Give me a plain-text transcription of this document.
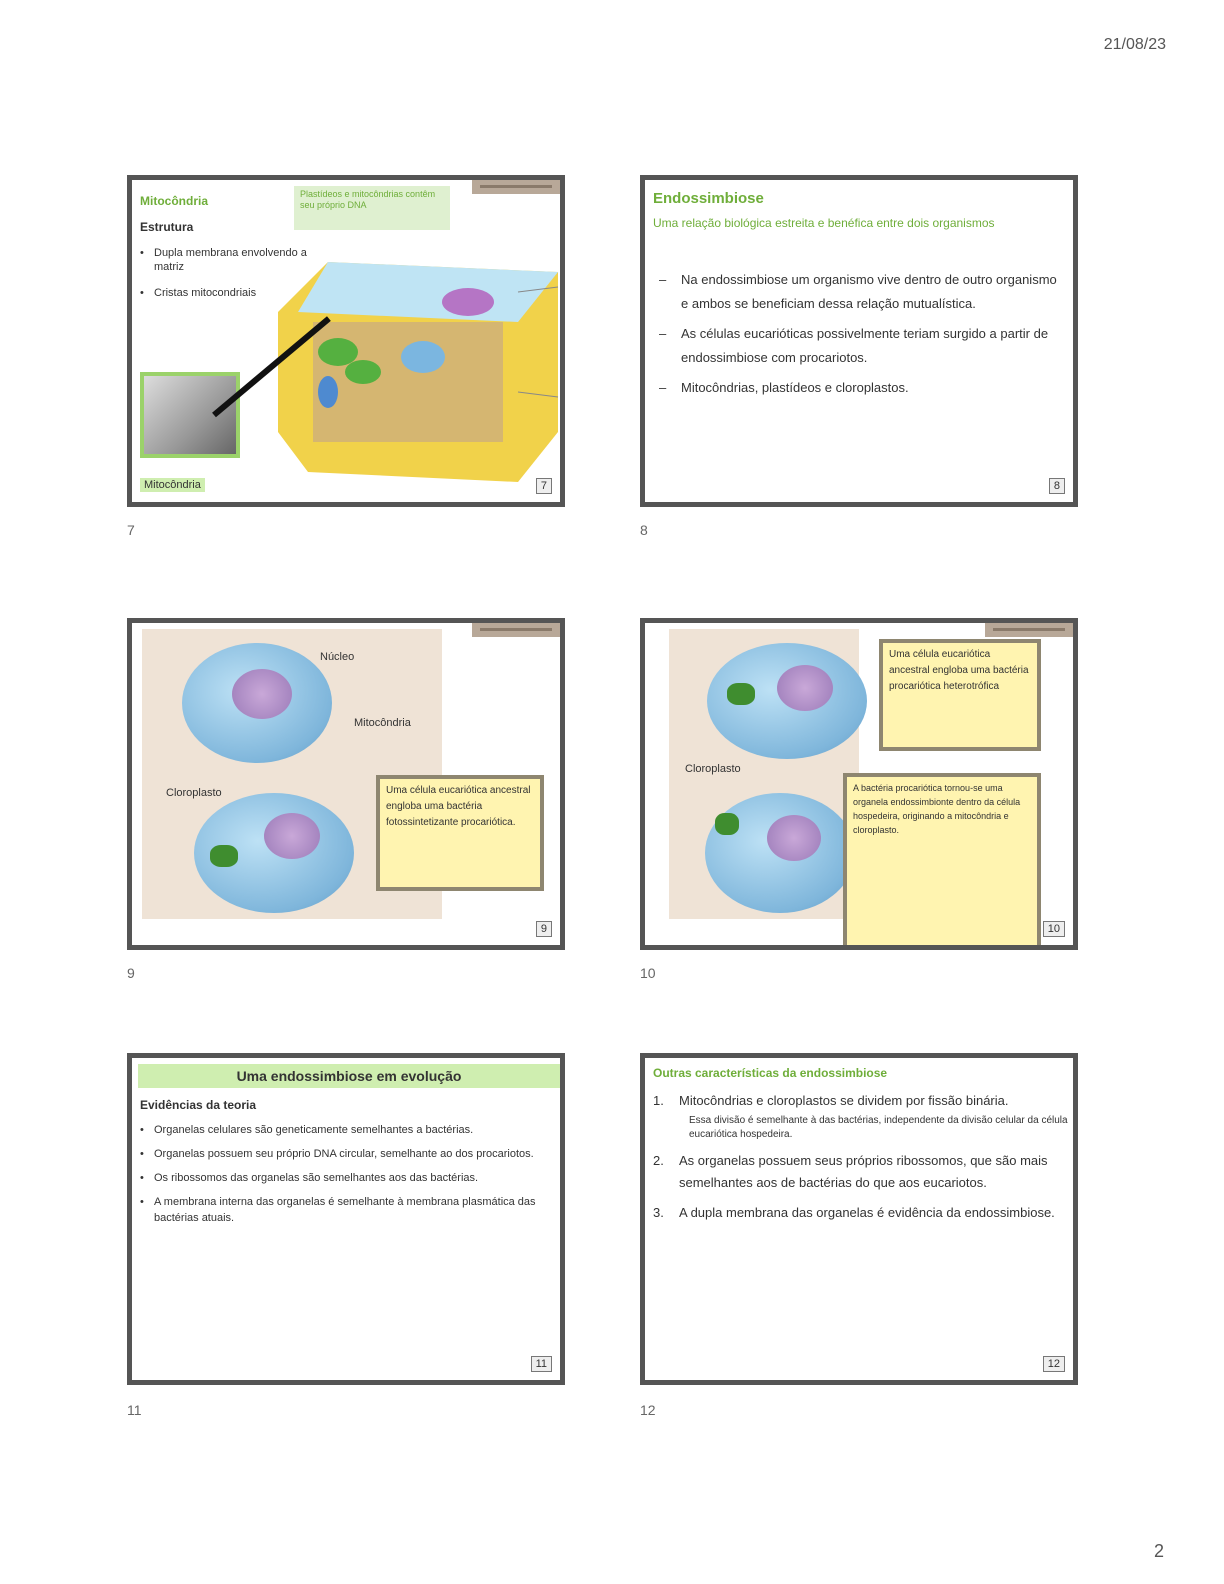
21/08/23
Mitocôndria
Estrutura
• Dupla membrana envolvendo a matriz
• Cristas mitocondriais
Plastídeos e mitocôndrias contêm seu próprio DNA
Mitocôndria	7
7
Endossimbiose
Uma relação biológica estreita e benéfica entre dois organismos
– Na endossimbiose um organismo vive dentro de outro organismo e ambos se beneficiam dessa relação mutualística.
– As células eucarióticas possivelmente teriam surgido a partir de endossimbiose com procariotos.
– Mitocôndrias, plastídeos e cloroplastos.
8
8
Núcleo
Mitocôndria
Cloroplasto	Uma célula eucariótica ancestral engloba uma bactéria fotossintetizante procariótica.
9
9
Cloroplasto
Uma célula eucariótica ancestral engloba uma bactéria procariótica heterotrófica
A bactéria procariótica tornou-se uma organela endossimbionte dentro da célula hospedeira, originando a mitocôndria e cloroplasto.
10
10
Uma endossimbiose em evolução
Evidências da teoria
• Organelas celulares são geneticamente semelhantes a bactérias.
• Organelas possuem seu próprio DNA circular, semelhante ao dos procariotos.
• Os ribossomos das organelas são semelhantes aos das bactérias.
• A membrana interna das organelas é semelhante à membrana plasmática das bactérias atuais.
11
11
Outras características da endossimbiose
1. Mitocôndrias e cloroplastos se dividem por fissão binária.
Essa divisão é semelhante à das bactérias, independente da divisão celular da célula eucariótica hospedeira.
2. As organelas possuem seus próprios ribossomos, que são mais semelhantes aos de bactérias do que aos eucariotos.
3. A dupla membrana das organelas é evidência da endossimbiose.
12
12
2
